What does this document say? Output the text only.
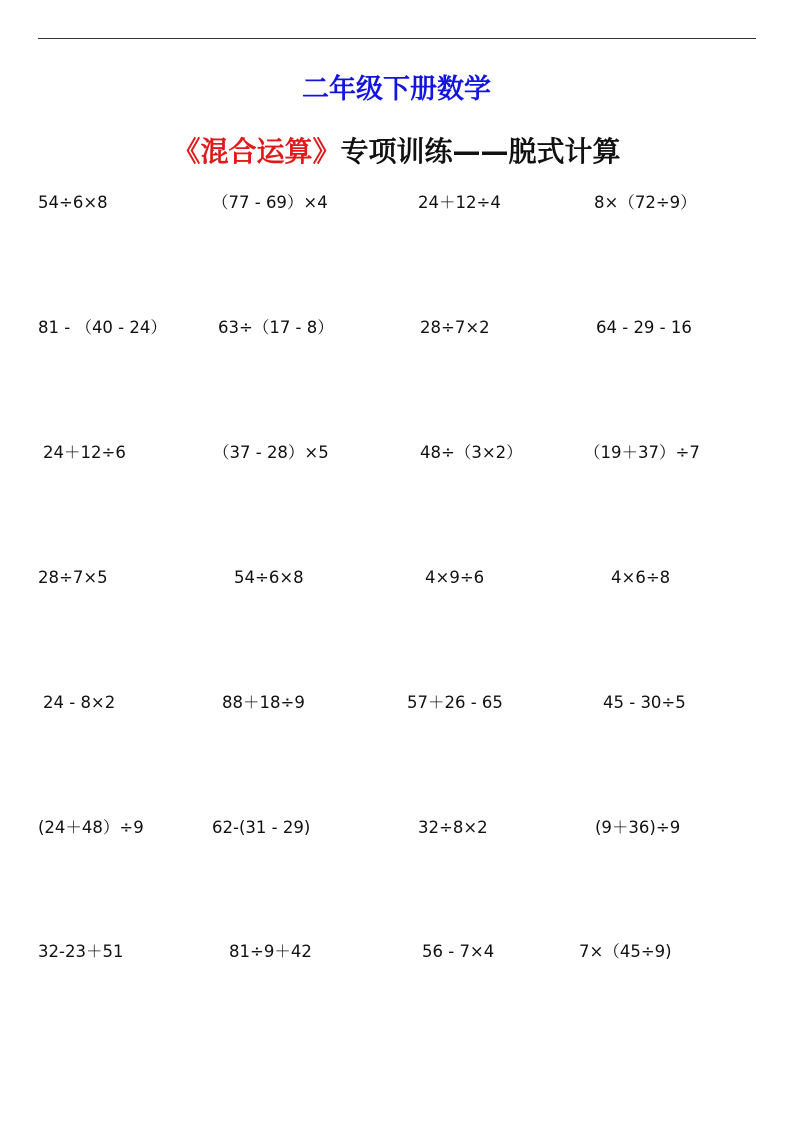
二年级下册数学
《混合运算》专项训练——脱式计算
54÷6×8	（77 - 69）×4	24＋12÷4	8×（72÷9）
81 - （40 - 24）	63÷（17 - 8）	28÷7×2	64 - 29 - 16
24＋12÷6	（37 - 28）×5	48÷（3×2）	（19＋37）÷7
28÷7×5	54÷6×8	4×9÷6	4×6÷8
24 - 8×2	88＋18÷9	57＋26 - 65	45 - 30÷5
(24＋48）÷9	62-(31 - 29)	32÷8×2	(9＋36)÷9
32-23＋51	81÷9＋42	56 - 7×4	7×（45÷9)
